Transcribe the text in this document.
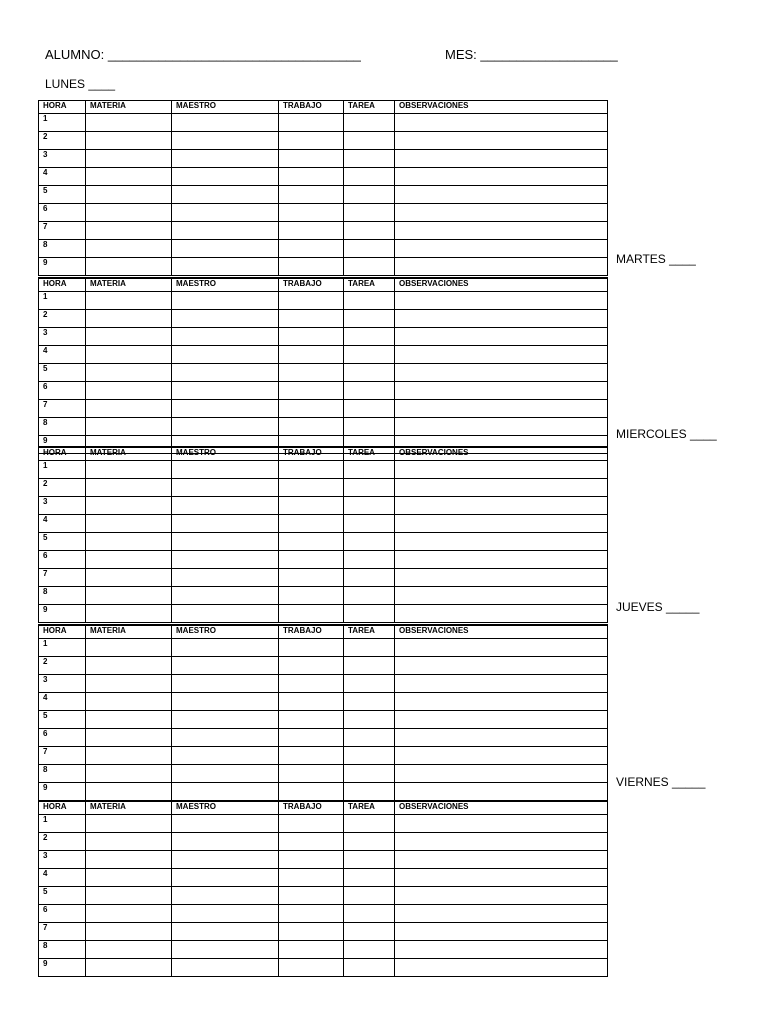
ALUMNO: ___________________________________	MES: ___________________
LUNES ____
MARTES ____
MIERCOLES ____
JUEVES _____
VIERNES _____
HORA	MATERIA	MAESTRO	TRABAJO	TAREA	OBSERVACIONES
1					
2					
3					
4					
5					
6					
7					
8					
9					
HORA	MATERIA	MAESTRO	TRABAJO	TAREA	OBSERVACIONES
1					
2					
3					
4					
5					
6					
7					
8					
9					
HORA	MATERIA	MAESTRO	TRABAJO	TAREA	OBSERVACIONES
1					
2					
3					
4					
5					
6					
7					
8					
9					
HORA	MATERIA	MAESTRO	TRABAJO	TAREA	OBSERVACIONES
1					
2					
3					
4					
5					
6					
7					
8					
9					
HORA	MATERIA	MAESTRO	TRABAJO	TAREA	OBSERVACIONES
1					
2					
3					
4					
5					
6					
7					
8					
9					
